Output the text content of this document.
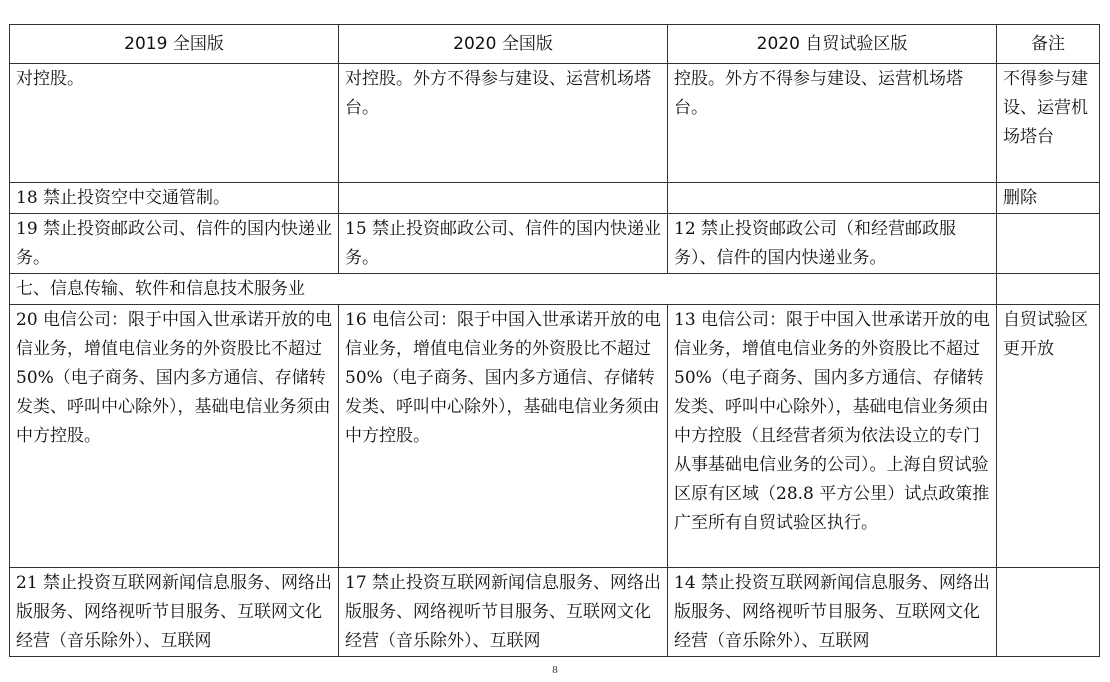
2019 全国版	2020 全国版	2020 自贸试验区版	备注
对控股。	对控股。外方不得参与建设、运营机场塔台。	控股。外方不得参与建设、运营机场塔台。	不得参与建设、运营机场塔台
18 禁止投资空中交通管制。			删除
19 禁止投资邮政公司、信件的国内快递业务。	15 禁止投资邮政公司、信件的国内快递业务。	12 禁止投资邮政公司（和经营邮政服务）、信件的国内快递业务。	
七、信息传输、软件和信息技术服务业			
20 电信公司：限于中国入世承诺开放的电信业务，增值电信业务的外资股比不超过 50%（电子商务、国内多方通信、存储转发类、呼叫中心除外），基础电信业务须由中方控股。	16 电信公司：限于中国入世承诺开放的电信业务，增值电信业务的外资股比不超过 50%（电子商务、国内多方通信、存储转发类、呼叫中心除外），基础电信业务须由中方控股。	13 电信公司：限于中国入世承诺开放的电信业务，增值电信业务的外资股比不超过 50%（电子商务、国内多方通信、存储转发类、呼叫中心除外），基础电信业务须由中方控股（且经营者须为依法设立的专门从事基础电信业务的公司）。上海自贸试验区原有区域（28.8 平方公里）试点政策推广至所有自贸试验区执行。	自贸试验区更开放
21 禁止投资互联网新闻信息服务、网络出版服务、网络视听节目服务、互联网文化经营（音乐除外）、互联网	17 禁止投资互联网新闻信息服务、网络出版服务、网络视听节目服务、互联网文化经营（音乐除外）、互联网	14 禁止投资互联网新闻信息服务、网络出版服务、网络视听节目服务、互联网文化经营（音乐除外）、互联网	
8
